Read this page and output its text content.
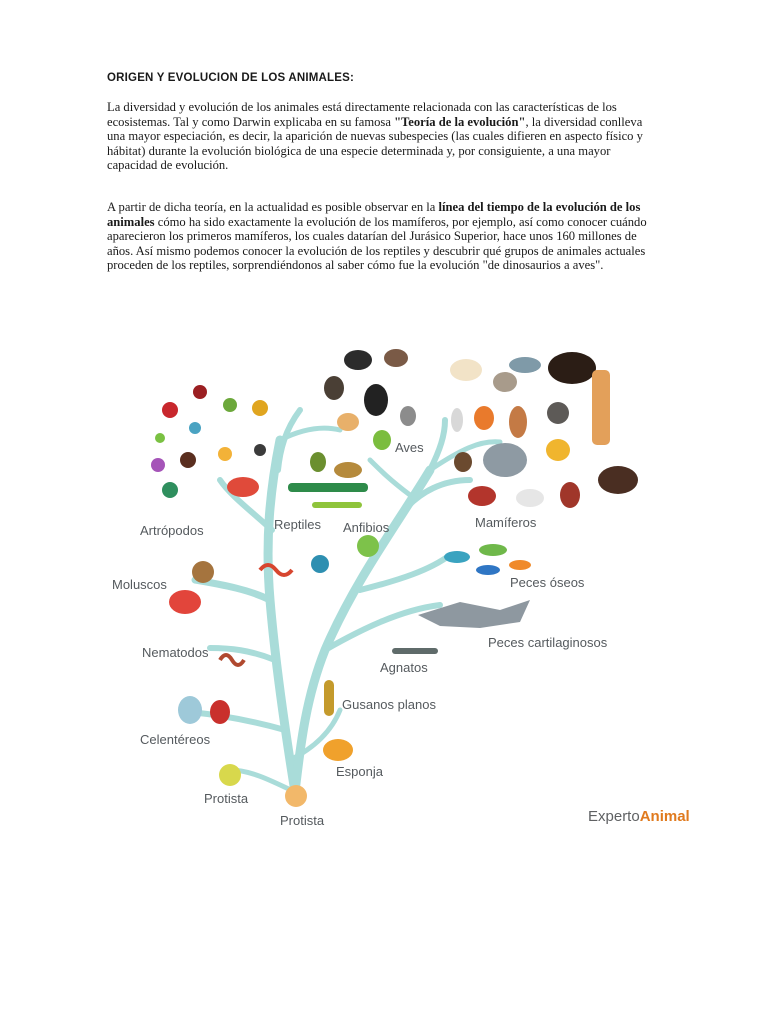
ORIGEN Y EVOLUCION DE LOS ANIMALES:

La diversidad y evolución de los animales está directamente relacionada con las características de los ecosistemas. Tal y como Darwin explicaba en su famosa "Teoría de la evolución", la diversidad conlleva una mayor especiación, es decir, la aparición de nuevas subespecies (las cuales difieren en aspecto físico y hábitat) durante la evolución biológica de una especie determinada y, por consiguiente, a una mayor capacidad de evolución.

A partir de dicha teoría, en la actualidad es posible observar en la línea del tiempo de la evolución de los animales cómo ha sido exactamente la evolución de los mamíferos, por ejemplo, así como conocer cuándo aparecieron los primeros mamíferos, los cuales datarían del Jurásico Superior, hace unos 160 millones de años. Así mismo podemos conocer la evolución de los reptiles y descubrir qué grupos de animales actuales proceden de los reptiles, sorprendiéndonos al saber cómo fue la evolución "de dinosaurios a aves".

Artrópodos	Reptiles Anfibios
Aves
Mamíferos
Moluscos	Peces óseos
Nematodos
Peces cartilaginosos
Agnatos
Gusanos planos
Celentéreos
Esponja
Protista
Protista	ExpertoAnimal
